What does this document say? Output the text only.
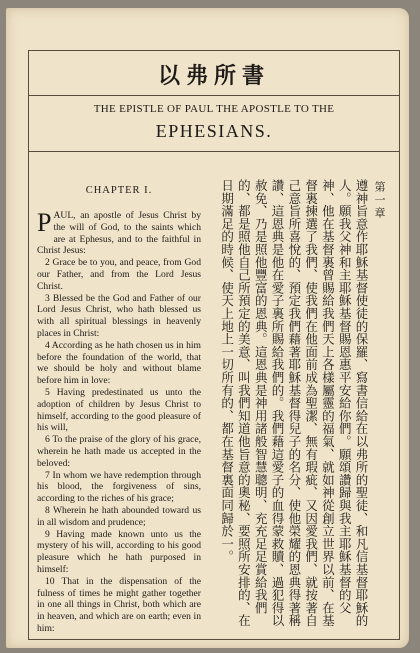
以弗所書
THE EPISTLE OF PAUL THE APOSTLE TO THE
EPHESIANS.
CHAPTER I.

PAUL, an apostle of Jesus Christ by the will of God, to the saints which are at Ephesus, and to the faithful in Christ Jesus:

2 Grace be to you, and peace, from God our Father, and from the Lord Jesus Christ.

3 Blessed be the God and Father of our Lord Jesus Christ, who hath blessed us with all spiritual blessings in heavenly places in Christ:

4 According as he hath chosen us in him before the foundation of the world, that we should be holy and without blame before him in love:

5 Having predestinated us unto the adoption of children by Jesus Christ to himself, according to the good pleasure of his will,

6 To the praise of the glory of his grace, wherein he hath made us accepted in the beloved:

7 In whom we have redemption through his blood, the forgiveness of sins, according to the riches of his grace;

8 Wherein he hath abounded toward us in all wisdom and prudence;

9 Having made known unto us the mystery of his will, according to his good pleasure which he hath purposed in himself:

10 That in the dispensation of the fulness of times he might gather together in one all things in Christ, both which are in heaven, and which are on earth; even in him:

遵神旨意作耶穌基督使徒的保羅、寫書信給在以弗所的聖徒、和凡信基督耶穌的人。願我父神和主耶穌基督賜恩惠平安給你們。願頌讚歸與我主耶穌基督的父神、他在基督裏曾賜給我們天上各樣屬靈的福氣、就如神從創立世界以前、在基督裏揀選了我們、使我們在他面前成為聖潔、無有瑕疵、又因愛我們、就按著自己意旨所喜悅的、預定我們藉著耶穌基督得兒子的名分、使他榮耀的恩典得著稱讚、這恩典是他在愛子裏所賜給我們的。我們藉這愛子的血得蒙救贖、過犯得以赦免、乃是照他豐富的恩典。這恩典是神用諸般智慧聰明、充充足足賞給我們的、都是照他自己所預定的美意、叫我們知道他旨意的奧秘、要照所安排的、在日期滿足的時候、使天上地上一切所有的、都在基督裏面同歸於一。	第一章
